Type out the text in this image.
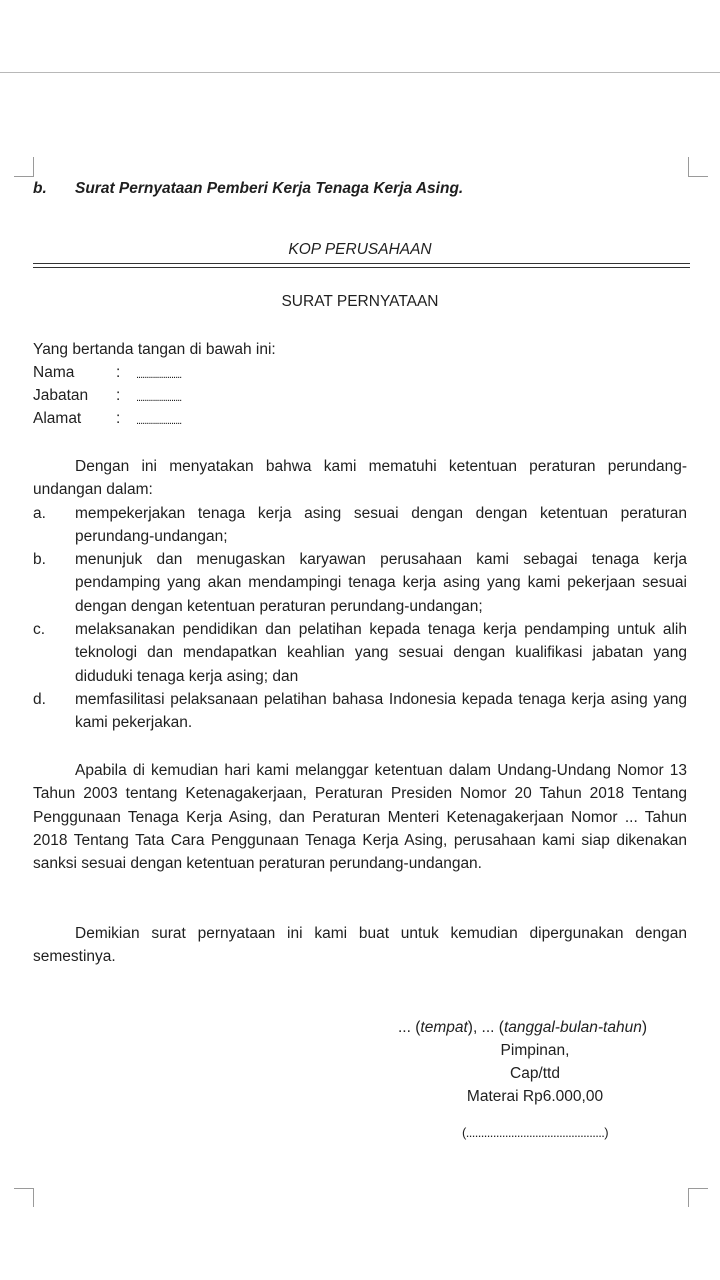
b. Surat Pernyataan Pemberi Kerja Tenaga Kerja Asing.
KOP PERUSAHAAN
SURAT PERNYATAAN
Yang bertanda tangan di bawah ini:
Nama	: ......................
Jabatan : ......................
Alamat : ......................
Dengan ini menyatakan bahwa kami mematuhi ketentuan peraturan perundang-undangan dalam:
a.	mempekerjakan tenaga kerja asing sesuai dengan dengan ketentuan peraturan perundang-undangan;
b.	menunjuk dan menugaskan karyawan perusahaan kami sebagai tenaga kerja pendamping yang akan mendampingi tenaga kerja asing yang kami pekerjaan sesuai dengan dengan ketentuan peraturan perundang-undangan;
c.	melaksanakan pendidikan dan pelatihan kepada tenaga kerja pendamping untuk alih teknologi dan mendapatkan keahlian yang sesuai dengan kualifikasi jabatan yang diduduki tenaga kerja asing; dan
d.	memfasilitasi pelaksanaan pelatihan bahasa Indonesia kepada tenaga kerja asing yang kami pekerjakan.
Apabila di kemudian hari kami melanggar ketentuan dalam Undang-Undang Nomor 13 Tahun 2003 tentang Ketenagakerjaan, Peraturan Presiden Nomor 20 Tahun 2018 Tentang Penggunaan Tenaga Kerja Asing, dan Peraturan Menteri Ketenagakerjaan Nomor ... Tahun 2018 Tentang Tata Cara Penggunaan Tenaga Kerja Asing, perusahaan kami siap dikenakan sanksi sesuai dengan ketentuan peraturan perundang-undangan.
Demikian surat pernyataan ini kami buat untuk kemudian dipergunakan dengan semestinya.
... (tempat), ... (tanggal-bulan-tahun)
Pimpinan,
Cap/ttd
Materai Rp6.000,00
(..............................................)
